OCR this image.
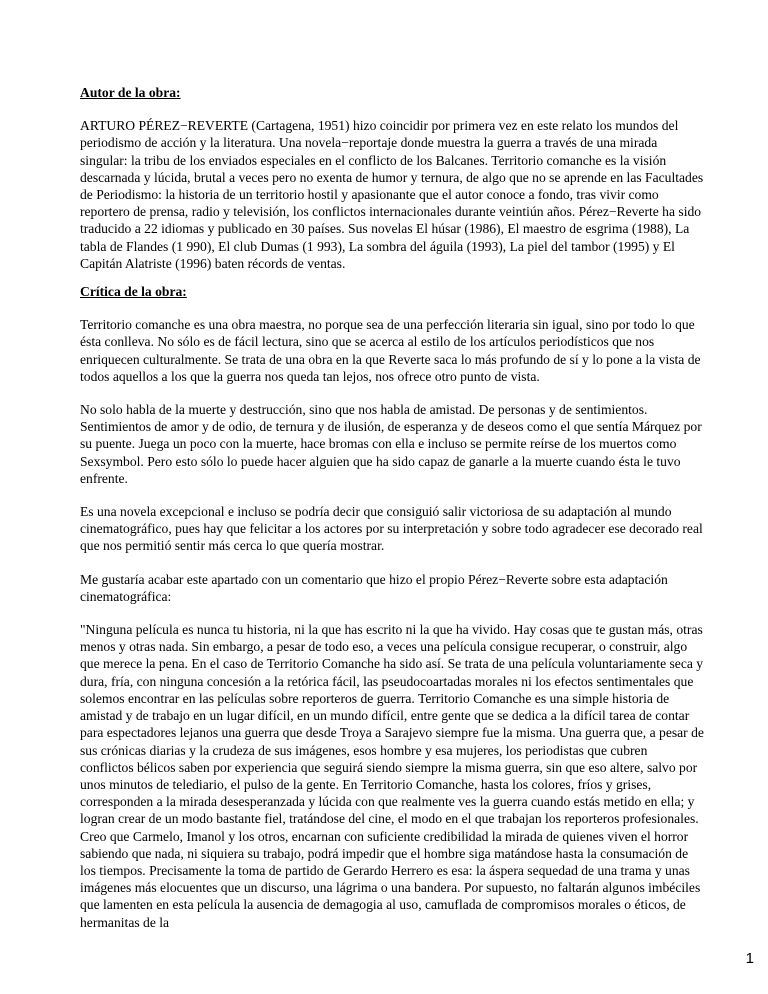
Autor de la obra:

ARTURO PÉREZ−REVERTE (Cartagena, 1951) hizo coincidir por primera vez en este relato los mundos del periodismo de acción y la literatura. Una novela−reportaje donde muestra la guerra a través de una mirada singular: la tribu de los enviados especiales en el conflicto de los Balcanes. Territorio comanche es la visión descarnada y lúcida, brutal a veces pero no exenta de humor y ternura, de algo que no se aprende en las Facultades de Periodismo: la historia de un territorio hostil y apasionante que el autor conoce a fondo, tras vivir como reportero de prensa, radio y televisión, los conflictos internacionales durante veintiún años. Pérez−Reverte ha sido traducido a 22 idiomas y publicado en 30 países. Sus novelas El húsar (1986), El maestro de esgrima (1988), La tabla de Flandes (1 990), El club Dumas (1 993), La sombra del águila (1993), La piel del tambor (1995) y El Capitán Alatriste (1996) baten récords de ventas.

Crítica de la obra:

Territorio comanche es una obra maestra, no porque sea de una perfección literaria sin igual, sino por todo lo que ésta conlleva. No sólo es de fácil lectura, sino que se acerca al estilo de los artículos periodísticos que nos enriquecen culturalmente. Se trata de una obra en la que Reverte saca lo más profundo de sí y lo pone a la vista de todos aquellos a los que la guerra nos queda tan lejos, nos ofrece otro punto de vista.

No solo habla de la muerte y destrucción, sino que nos habla de amistad. De personas y de sentimientos. Sentimientos de amor y de odio, de ternura y de ilusión, de esperanza y de deseos como el que sentía Márquez por su puente. Juega un poco con la muerte, hace bromas con ella e incluso se permite reírse de los muertos como Sexsymbol. Pero esto sólo lo puede hacer alguien que ha sido capaz de ganarle a la muerte cuando ésta le tuvo enfrente.

Es una novela excepcional e incluso se podría decir que consiguió salir victoriosa de su adaptación al mundo cinematográfico, pues hay que felicitar a los actores por su interpretación y sobre todo agradecer ese decorado real que nos permitió sentir más cerca lo que quería mostrar.

Me gustaría acabar este apartado con un comentario que hizo el propio Pérez−Reverte sobre esta adaptación cinematográfica:

"Ninguna película es nunca tu historia, ni la que has escrito ni la que ha vivido. Hay cosas que te gustan más, otras menos y otras nada. Sin embargo, a pesar de todo eso, a veces una película consigue recuperar, o construir, algo que merece la pena. En el caso de Territorio Comanche ha sido así. Se trata de una película voluntariamente seca y dura, fría, con ninguna concesión a la retórica fácil, las pseudocoartadas morales ni los efectos sentimentales que solemos encontrar en las películas sobre reporteros de guerra. Territorio Comanche es una simple historia de amistad y de trabajo en un lugar difícil, en un mundo difícil, entre gente que se dedica a la difícil tarea de contar para espectadores lejanos una guerra que desde Troya a Sarajevo siempre fue la misma. Una guerra que, a pesar de sus crónicas diarias y la crudeza de sus imágenes, esos hombre y esa mujeres, los periodistas que cubren conflictos bélicos saben por experiencia que seguirá siendo siempre la misma guerra, sin que eso altere, salvo por unos minutos de telediario, el pulso de la gente. En Territorio Comanche, hasta los colores, fríos y grises, corresponden a la mirada desesperanzada y lúcida con que realmente ves la guerra cuando estás metido en ella; y logran crear de un modo bastante fiel, tratándose del cine, el modo en el que trabajan los reporteros profesionales. Creo que Carmelo, Imanol y los otros, encarnan con suficiente credibilidad la mirada de quienes viven el horror sabiendo que nada, ni siquiera su trabajo, podrá impedir que el hombre siga matándose hasta la consumación de los tiempos. Precisamente la toma de partido de Gerardo Herrero es esa: la áspera sequedad de una trama y unas imágenes más elocuentes que un discurso, una lágrima o una bandera. Por supuesto, no faltarán algunos imbéciles que lamenten en esta película la ausencia de demagogia al uso, camuflada de compromisos morales o éticos, de hermanitas de la

1
